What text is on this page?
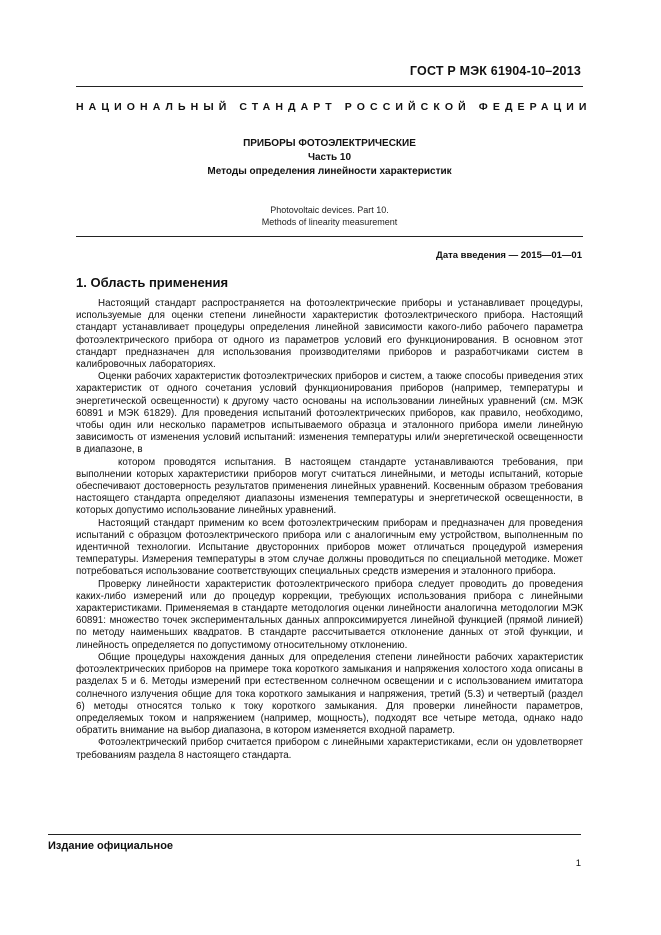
ГОСТ Р МЭК 61904-10–2013
НАЦИОНАЛЬНЫЙ СТАНДАРТ РОССИЙСКОЙ ФЕДЕРАЦИИ
ПРИБОРЫ ФОТОЭЛЕКТРИЧЕСКИЕ
Часть 10
Методы определения линейности характеристик
Photovoltaic devices. Part 10.
Methods of linearity measurement
Дата введения — 2015—01—01
1. Область применения

Настоящий стандарт распространяется на фотоэлектрические приборы и устанавливает процедуры, используемые для оценки степени линейности характеристик фотоэлектрического прибора. Настоящий стандарт устанавливает процедуры определения линейной зависимости какого-либо рабочего параметра фотоэлектрического прибора от одного из параметров условий его функционирования. В основном этот стандарт предназначен для использования производителями приборов и разработчиками систем в калибровочных лабораториях.

Оценки рабочих характеристик фотоэлектрических приборов и систем, а также способы приведения этих характеристик от одного сочетания условий функционирования приборов (например, температуры и энергетической освещенности) к другому часто основаны на использовании линейных уравнений (см. МЭК 60891 и МЭК 61829). Для проведения испытаний фотоэлектрических приборов, как правило, необходимо, чтобы один или несколько параметров испытываемого образца и эталонного прибора имели линейную зависимость от изменения условий испытаний: изменения температуры или/и энергетической освещенности в диапазоне, в

котором проводятся испытания. В настоящем стандарте устанавливаются требования, при выполнении которых характеристики приборов могут считаться линейными, и методы испытаний, которые обеспечивают достоверность результатов применения линейных уравнений. Косвенным образом требования настоящего стандарта определяют диапазоны изменения температуры и энергетической освещенности, в которых допустимо использование линейных уравнений.

Настоящий стандарт применим ко всем фотоэлектрическим приборам и предназначен для проведения испытаний с образцом фотоэлектрического прибора или с аналогичным ему устройством, выполненным по идентичной технологии. Испытание двусторонних приборов может отличаться процедурой измерения температуры. Измерения температуры в этом случае должны проводиться по специальной методике. Может потребоваться использование соответствующих специальных средств измерения и эталонного прибора.

Проверку линейности характеристик фотоэлектрического прибора следует проводить до проведения каких-либо измерений или до процедур коррекции, требующих использования прибора с линейными характеристиками. Применяемая в стандарте методология оценки линейности аналогична методологии МЭК 60891: множество точек экспериментальных данных аппроксимируется линейной функцией (прямой линией) по методу наименьших квадратов. В стандарте рассчитывается отклонение данных от этой функции, и линейность определяется по допустимому относительному отклонению.

Общие процедуры нахождения данных для определения степени линейности рабочих характеристик фотоэлектрических приборов на примере тока короткого замыкания и напряжения холостого хода описаны в разделах 5 и 6. Методы измерений при естественном солнечном освещении и с использованием имитатора солнечного излучения общие для тока короткого замыкания и напряжения, третий (5.3) и четвертый (раздел 6) методы относятся только к току короткого замыкания. Для проверки линейности параметров, определяемых током и напряжением (например, мощность), подходят все четыре метода, однако надо обратить внимание на выбор диапазона, в котором изменяется входной параметр.

Фотоэлектрический прибор считается прибором с линейными характеристиками, если он удовлетворяет требованиям раздела 8 настоящего стандарта.

Издание официальное
1
